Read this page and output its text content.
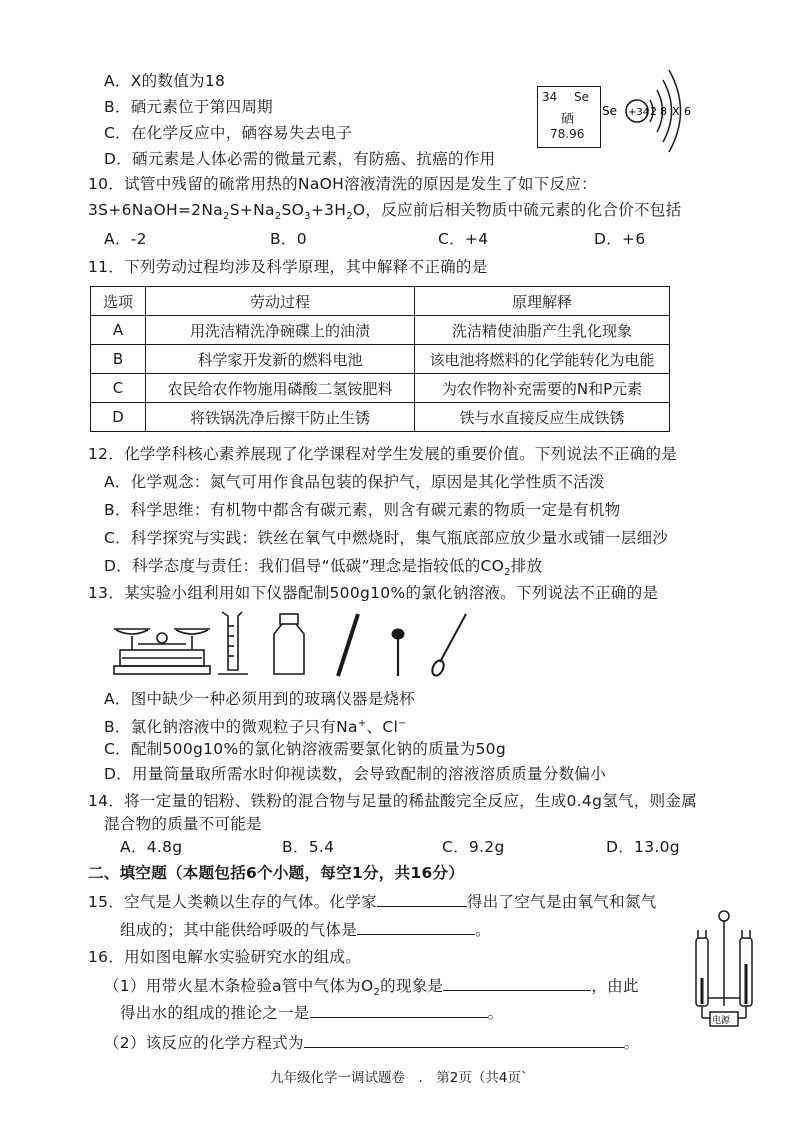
A．X的数值为18
B．硒元素位于第四周期
C．在化学反应中，硒容易失去电子
D．硒元素是人体必需的微量元素，有防癌、抗癌的作用
34 Se
硒
78.96
Se +34 2 8 X 6
10．试管中残留的硫常用热的NaOH溶液清洗的原因是发生了如下反应：
$3S+6NaOH=2Na_2S+Na_2SO_3+3H_2O$，反应前后相关物质中硫元素的化合价不包括
A．-2	B．0	C．+4	D．+6
11．下列劳动过程均涉及科学原理，其中解释不正确的是
选项	劳动过程	原理解释
A	用洗洁精洗净碗碟上的油渍	洗洁精使油脂产生乳化现象
B	科学家开发新的燃料电池	该电池将燃料的化学能转化为电能
C	农民给农作物施用磷酸二氢铵肥料	为农作物补充需要的N和P元素
D	将铁锅洗净后擦干防止生锈	铁与水直接反应生成铁锈
12．化学学科核心素养展现了化学课程对学生发展的重要价值。下列说法不正确的是
A．化学观念：氮气可用作食品包装的保护气，原因是其化学性质不活泼
B．科学思维：有机物中都含有碳元素，则含有碳元素的物质一定是有机物
C．科学探究与实践：铁丝在氧气中燃烧时，集气瓶底部应放少量水或铺一层细沙
D．科学态度与责任：我们倡导“低碳”理念是指较低的$CO_2$排放
13．某实验小组利用如下仪器配制500g10%的氯化钠溶液。下列说法不正确的是
A．图中缺少一种必须用到的玻璃仪器是烧杯
B．氯化钠溶液中的微观粒子只有Na+、Cl−
C．配制500g10%的氯化钠溶液需要氯化钠的质量为50g
D．用量筒量取所需水时仰视读数，会导致配制的溶液溶质质量分数偏小
14．将一定量的铝粉、铁粉的混合物与足量的稀盐酸完全反应，生成0.4g氢气，则金属
混合物的质量不可能是
A．4.8g	B．5.4	C．9.2g	D．13.0g
二、填空题（本题包括6个小题，每空1分，共16分）
15．空气是人类赖以生存的气体。化学家	得出了空气是由氧气和氮气
组成的；其中能供给呼吸的气体是	。
16．用如图电解水实验研究水的组成。
（1）用带火星木条检验a管中气体为$O_2$的现象是	，由此
得出水的组成的推论之一是	。
（2）该反应的化学方程式为	。
电源
九年级化学一调试题卷　.　第2页（共4页`
